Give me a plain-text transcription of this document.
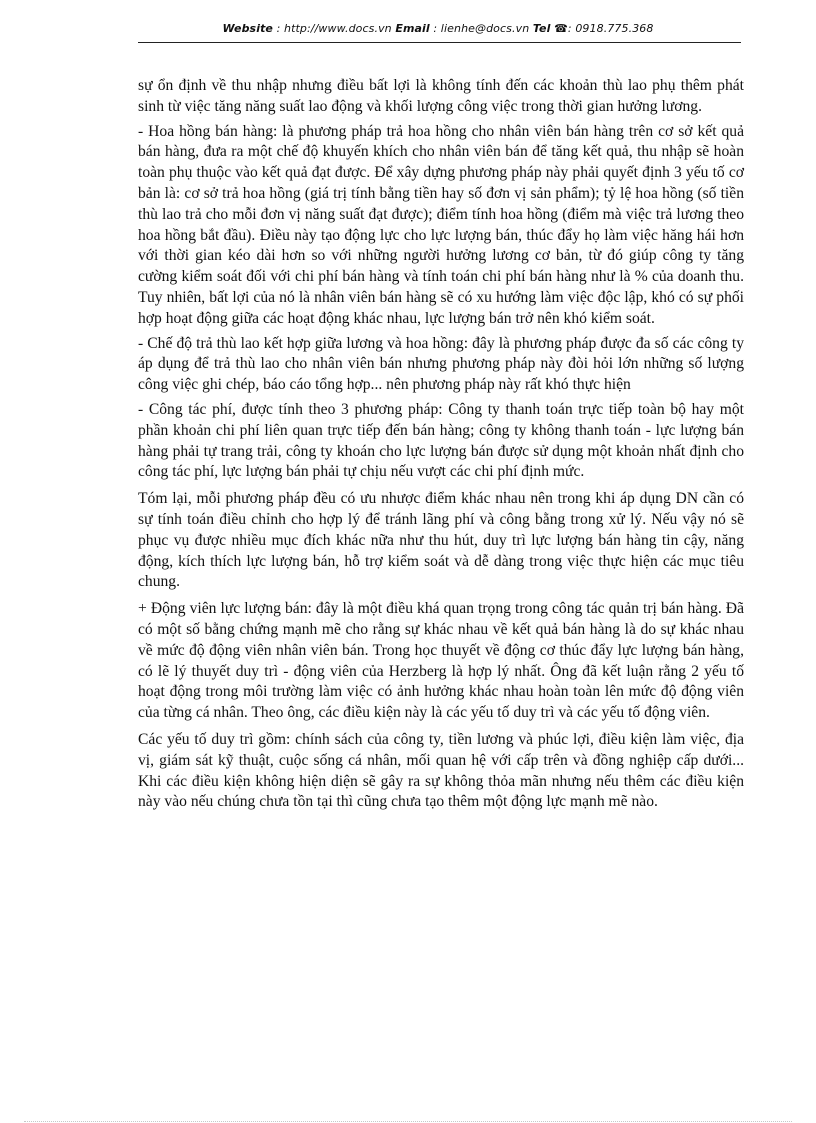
Website : http://www.docs.vn Email : lienhe@docs.vn Tel ☎: 0918.775.368

sự ổn định về thu nhập nhưng điều bất lợi là không tính đến các khoản thù lao phụ thêm phát sinh từ việc tăng năng suất lao động và khối lượng công việc trong thời gian hưởng lương.

- Hoa hồng bán hàng: là phương pháp trả hoa hồng cho nhân viên bán hàng trên cơ sở kết quả bán hàng, đưa ra một chế độ khuyến khích cho nhân viên bán để tăng kết quả, thu nhập sẽ hoàn toàn phụ thuộc vào kết quả đạt được. Để xây dựng phương pháp này phải quyết định 3 yếu tố cơ bản là: cơ sở trả hoa hồng (giá trị tính bằng tiền hay số đơn vị sản phẩm); tỷ lệ hoa hồng (số tiền thù lao trả cho mỗi đơn vị năng suất đạt được); điểm tính hoa hồng (điểm mà việc trả lương theo hoa hồng bắt đầu). Điều này tạo động lực cho lực lượng bán, thúc đẩy họ làm việc hăng hái hơn với thời gian kéo dài hơn so với những người hưởng lương cơ bản, từ đó giúp công ty tăng cường kiểm soát đối với chi phí bán hàng và tính toán chi phí bán hàng như là % của doanh thu. Tuy nhiên, bất lợi của nó là nhân viên bán hàng sẽ có xu hướng làm việc độc lập, khó có sự phối hợp hoạt động giữa các hoạt động khác nhau, lực lượng bán trở nên khó kiểm soát.

- Chế độ trả thù lao kết hợp giữa lương và hoa hồng: đây là phương pháp được đa số các công ty áp dụng để trả thù lao cho nhân viên bán nhưng phương pháp này đòi hỏi lớn những số lượng công việc ghi chép, báo cáo tổng hợp... nên phương pháp này rất khó thực hiện

- Công tác phí, được tính theo 3 phương pháp: Công ty thanh toán trực tiếp toàn bộ hay một phần khoản chi phí liên quan trực tiếp đến bán hàng; công ty không thanh toán - lực lượng bán hàng phải tự trang trải, công ty khoán cho lực lượng bán được sử dụng một khoản nhất định cho công tác phí, lực lượng bán phải tự chịu nếu vượt các chi phí định mức.

Tóm lại, mỗi phương pháp đều có ưu nhược điểm khác nhau nên trong khi áp dụng DN cần có sự tính toán điều chỉnh cho hợp lý để tránh lãng phí và công bằng trong xử lý. Nếu vậy nó sẽ phục vụ được nhiều mục đích khác nữa như thu hút, duy trì lực lượng bán hàng tin cậy, năng động, kích thích lực lượng bán, hỗ trợ kiểm soát và dễ dàng trong việc thực hiện các mục tiêu chung.

+ Động viên lực lượng bán: đây là một điều khá quan trọng trong công tác quản trị bán hàng. Đã có một số bằng chứng mạnh mẽ cho rằng sự khác nhau về kết quả bán hàng là do sự khác nhau về mức độ động viên nhân viên bán. Trong học thuyết về động cơ thúc đẩy lực lượng bán hàng, có lẽ lý thuyết duy trì - động viên của Herzberg là hợp lý nhất. Ông đã kết luận rằng 2 yếu tố hoạt động trong môi trường làm việc có ảnh hưởng khác nhau hoàn toàn lên mức độ động viên của từng cá nhân. Theo ông, các điều kiện này là các yếu tố duy trì và các yếu tố động viên.

Các yếu tố duy trì gồm: chính sách của công ty, tiền lương và phúc lợi, điều kiện làm việc, địa vị, giám sát kỹ thuật, cuộc sống cá nhân, mối quan hệ với cấp trên và đồng nghiệp cấp dưới... Khi các điều kiện không hiện diện sẽ gây ra sự không thỏa mãn nhưng nếu thêm các điều kiện này vào nếu chúng chưa tồn tại thì cũng chưa tạo thêm một động lực mạnh mẽ nào.
